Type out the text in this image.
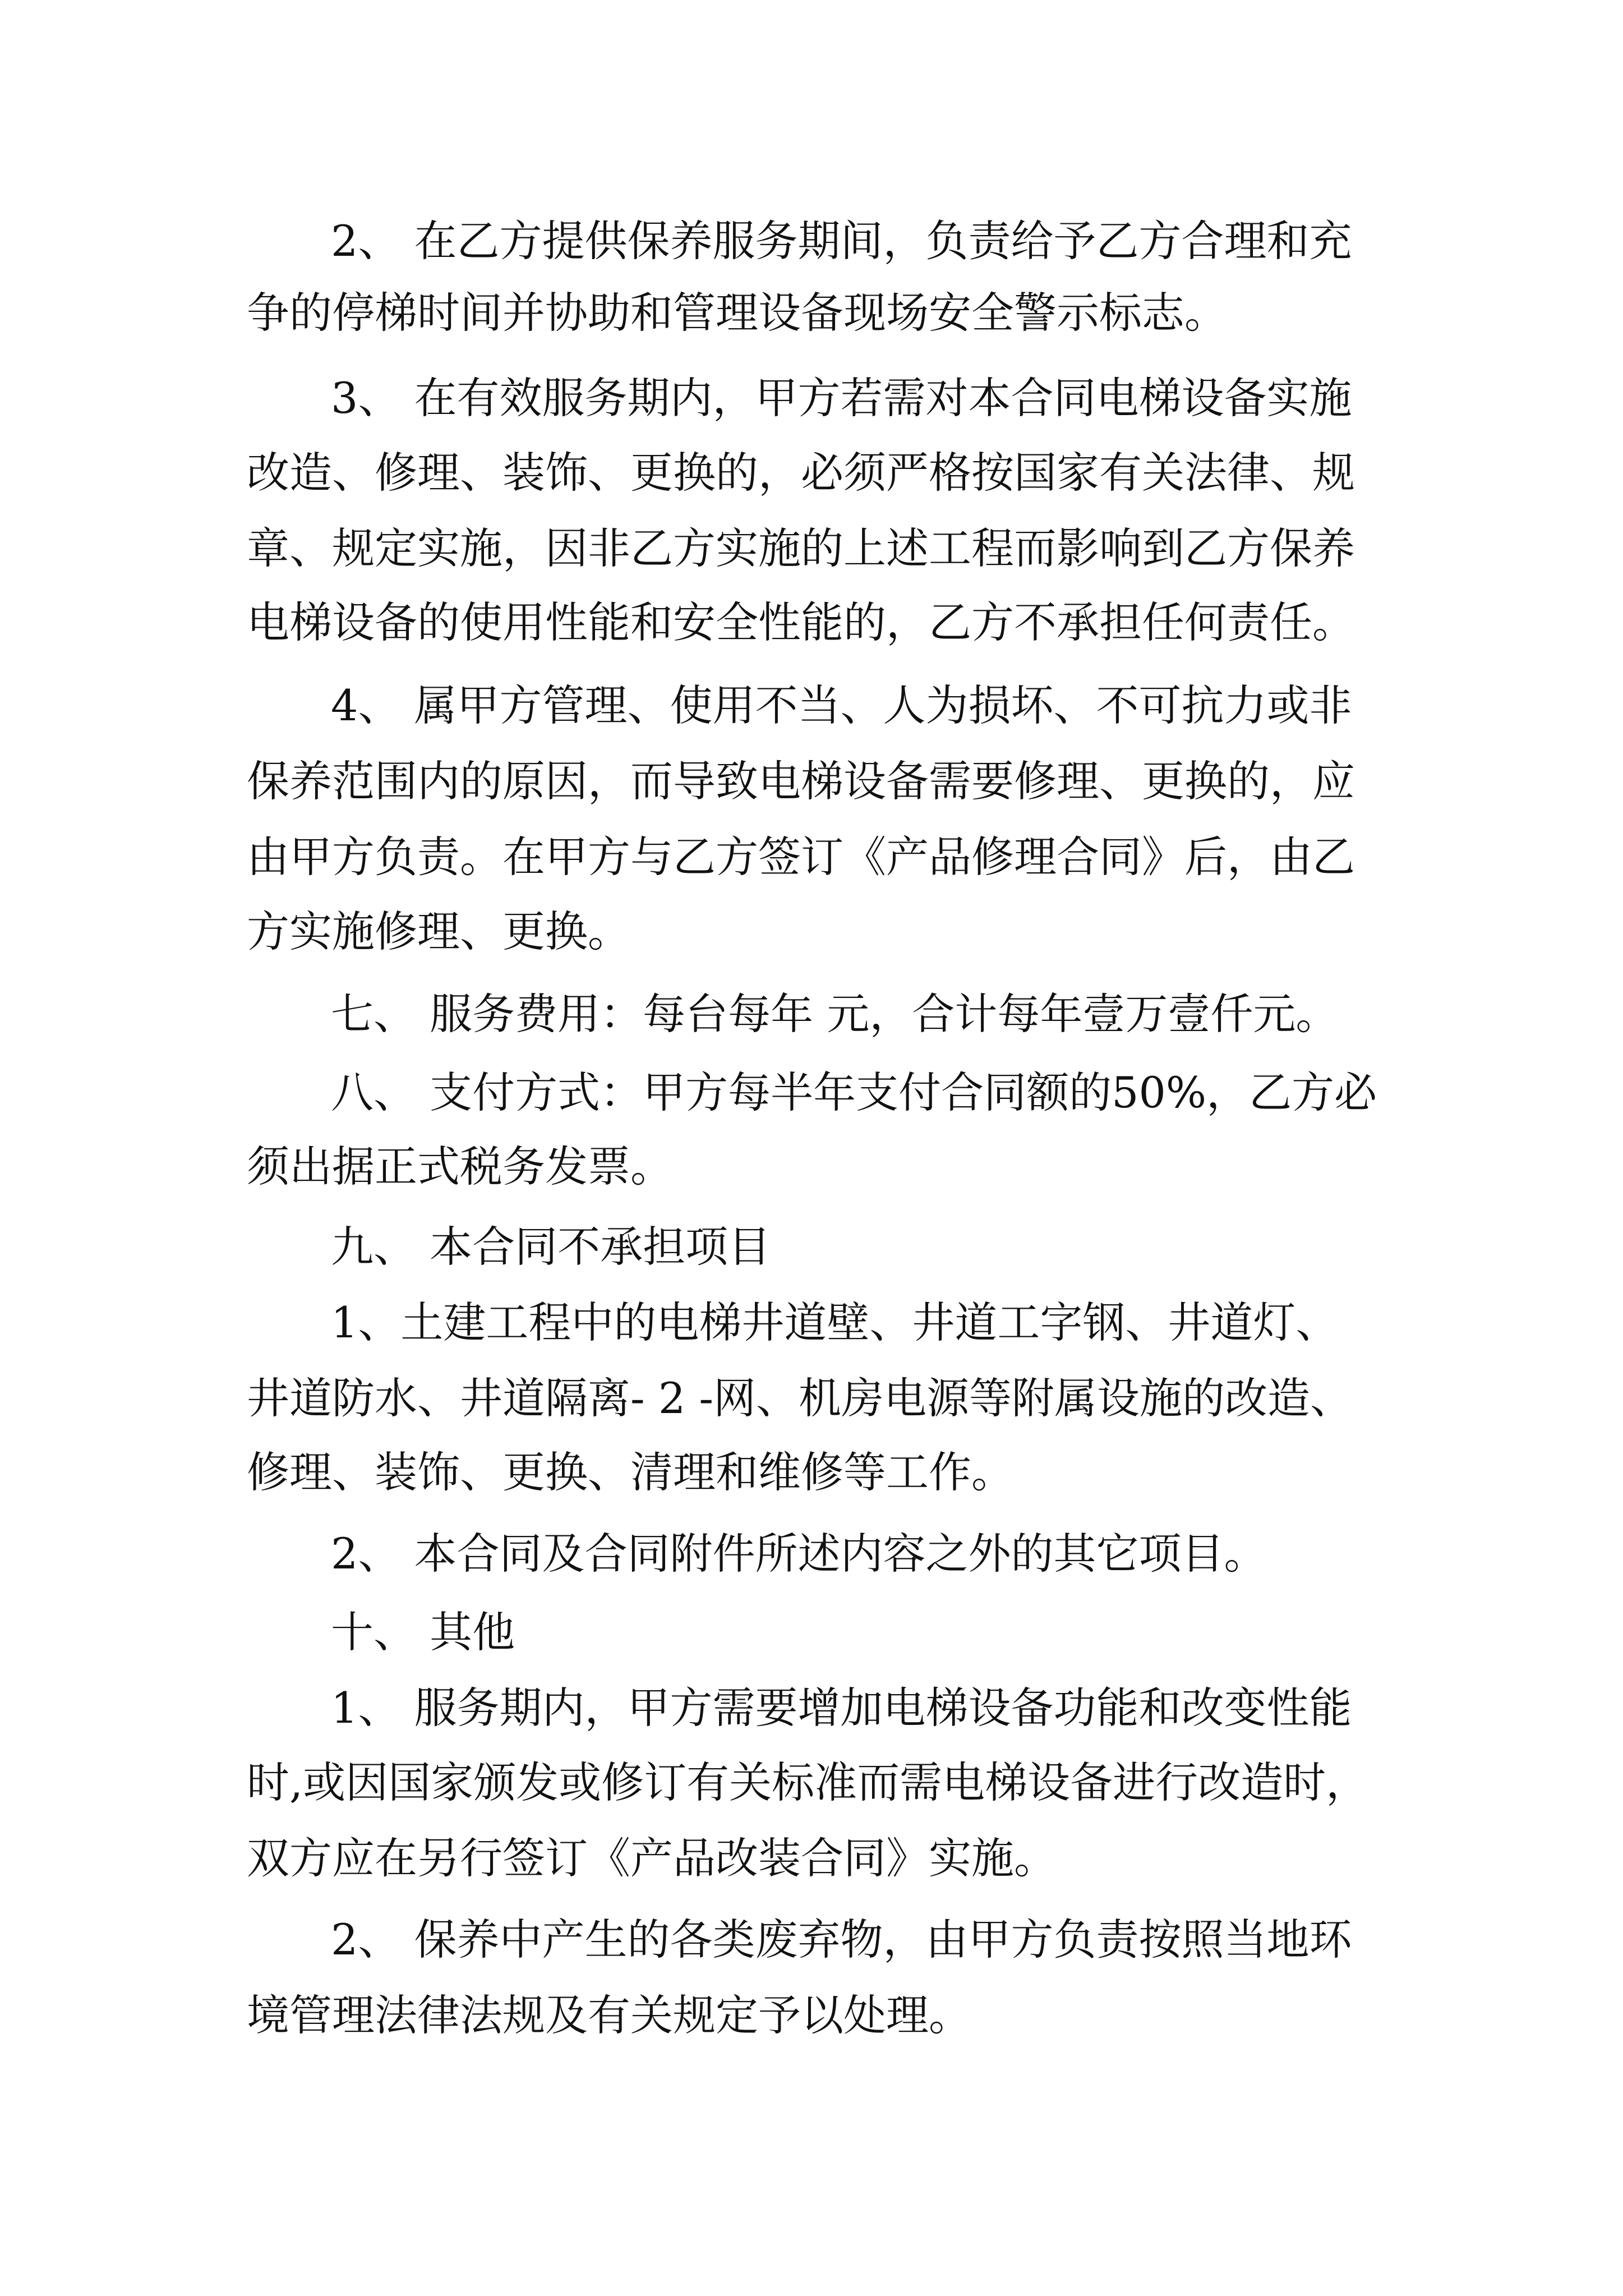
2、 在乙方提供保养服务期间，负责给予乙方合理和充
争的停梯时间并协助和管理设备现场安全警示标志。
3、 在有效服务期内，甲方若需对本合同电梯设备实施
改造、修理、装饰、更换的，必须严格按国家有关法律、规
章、规定实施，因非乙方实施的上述工程而影响到乙方保养
电梯设备的使用性能和安全性能的，乙方不承担任何责任。
4、 属甲方管理、使用不当、人为损坏、不可抗力或非
保养范围内的原因，而导致电梯设备需要修理、更换的，应
由甲方负责。在甲方与乙方签订《产品修理合同》后，由乙
方实施修理、更换。
七、 服务费用：每台每年 元，合计每年壹万壹仟元。
八、 支付方式：甲方每半年支付合同额的50%，乙方必
须出据正式税务发票。
九、 本合同不承担项目
1、土建工程中的电梯井道壁、井道工字钢、井道灯、
井道防水、井道隔离- 2 -网、机房电源等附属设施的改造、
修理、装饰、更换、清理和维修等工作。
2、 本合同及合同附件所述内容之外的其它项目。
十、 其他
1、 服务期内，甲方需要增加电梯设备功能和改变性能
时,或因国家颁发或修订有关标准而需电梯设备进行改造时，
双方应在另行签订《产品改装合同》实施。
2、 保养中产生的各类废弃物，由甲方负责按照当地环
境管理法律法规及有关规定予以处理。
